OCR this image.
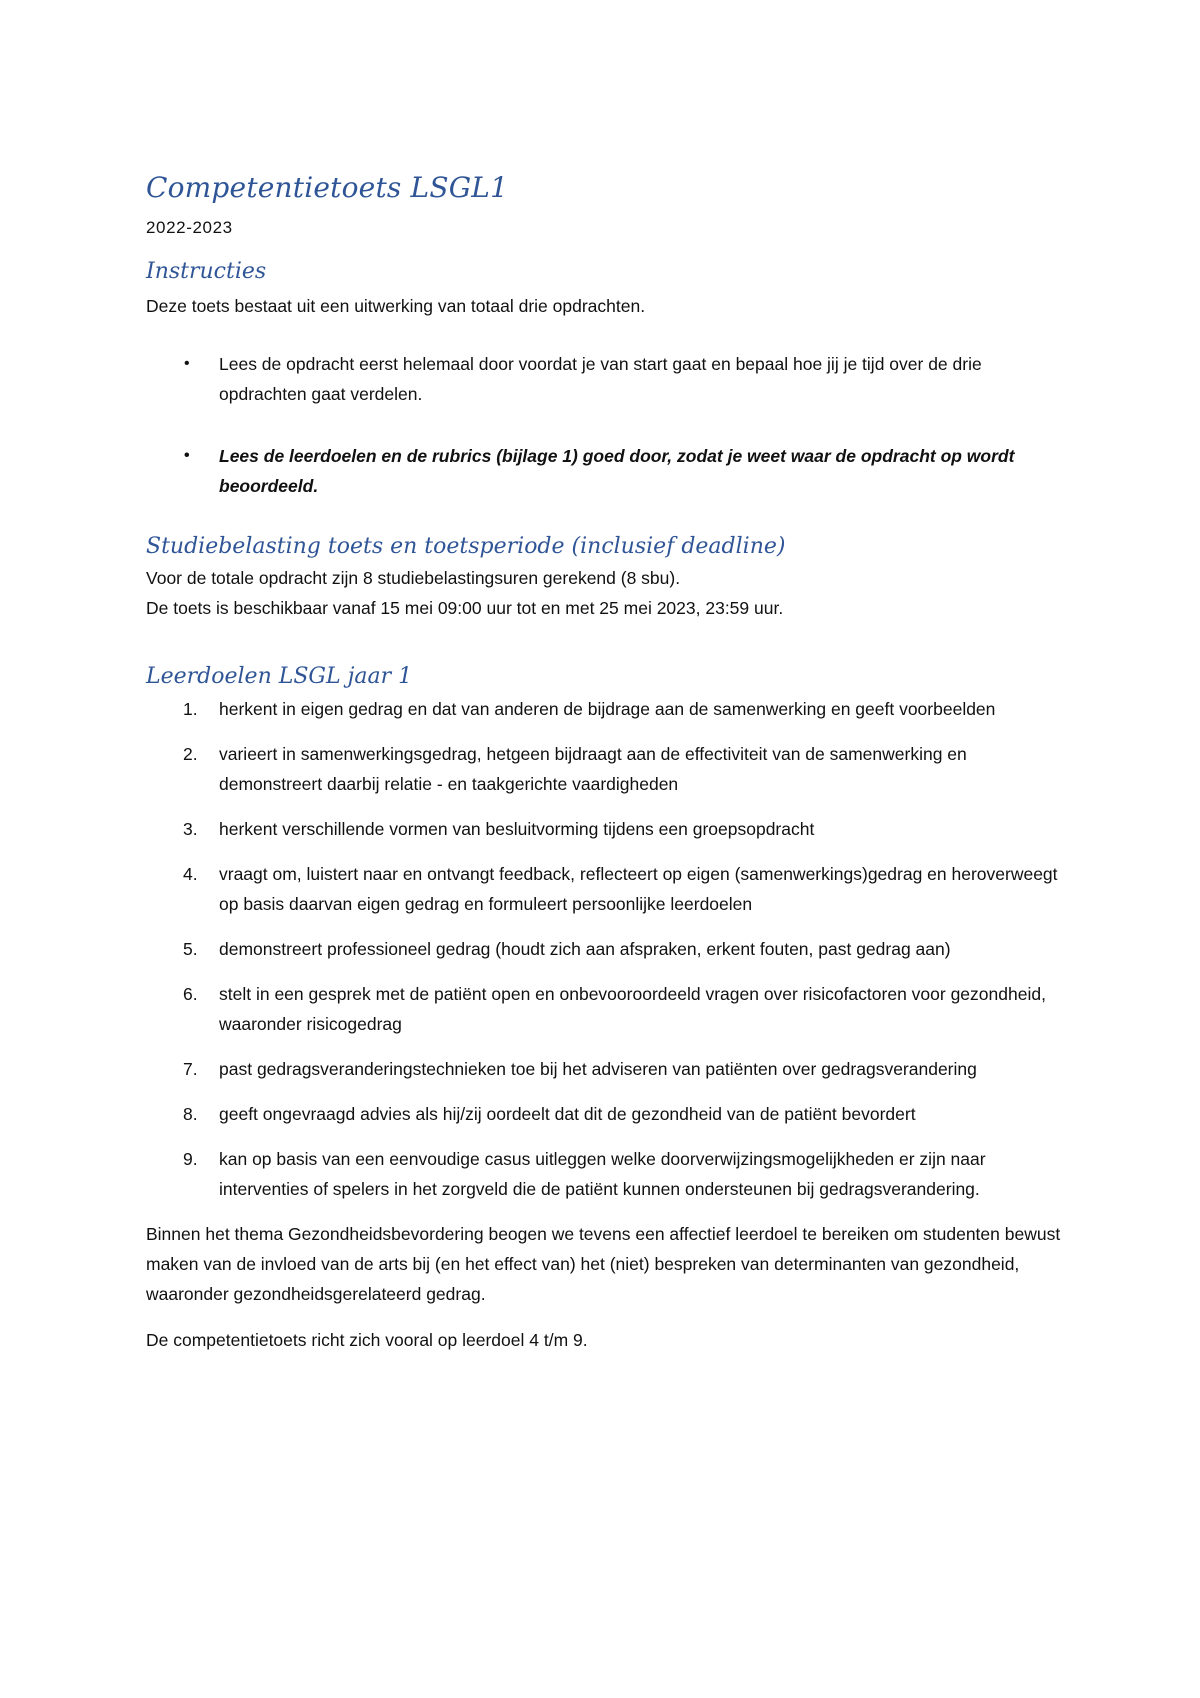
Competentietoets LSGL1

2022-2023

Instructies

Deze toets bestaat uit een uitwerking van totaal drie opdrachten.

• Lees de opdracht eerst helemaal door voordat je van start gaat en bepaal hoe jij je tijd over de drie opdrachten gaat verdelen.
• Lees de leerdoelen en de rubrics (bijlage 1) goed door, zodat je weet waar de opdracht op wordt beoordeeld.
Studiebelasting toets en toetsperiode (inclusief deadline)

Voor de totale opdracht zijn 8 studiebelastingsuren gerekend (8 sbu).

De toets is beschikbaar vanaf 15 mei 09:00 uur tot en met 25 mei 2023, 23:59 uur.

Leerdoelen LSGL jaar 1
1. herkent in eigen gedrag en dat van anderen de bijdrage aan de samenwerking en geeft voorbeelden
2. varieert in samenwerkingsgedrag, hetgeen bijdraagt aan de effectiviteit van de samenwerking en demonstreert daarbij relatie - en taakgerichte vaardigheden
3. herkent verschillende vormen van besluitvorming tijdens een groepsopdracht
4. vraagt om, luistert naar en ontvangt feedback, reflecteert op eigen (samenwerkings)gedrag en heroverweegt op basis daarvan eigen gedrag en formuleert persoonlijke leerdoelen
5. demonstreert professioneel gedrag (houdt zich aan afspraken, erkent fouten, past gedrag aan)
6. stelt in een gesprek met de patiënt open en onbevooroordeeld vragen over risicofactoren voor gezondheid, waaronder risicogedrag
7. past gedragsveranderingstechnieken toe bij het adviseren van patiënten over gedragsverandering
8. geeft ongevraagd advies als hij/zij oordeelt dat dit de gezondheid van de patiënt bevordert
9. kan op basis van een eenvoudige casus uitleggen welke doorverwijzingsmogelijkheden er zijn naar interventies of spelers in het zorgveld die de patiënt kunnen ondersteunen bij gedragsverandering.

Binnen het thema Gezondheidsbevordering beogen we tevens een affectief leerdoel te bereiken om studenten bewust maken van de invloed van de arts bij (en het effect van) het (niet) bespreken van determinanten van gezondheid, waaronder gezondheidsgerelateerd gedrag.

De competentietoets richt zich vooral op leerdoel 4 t/m 9.
